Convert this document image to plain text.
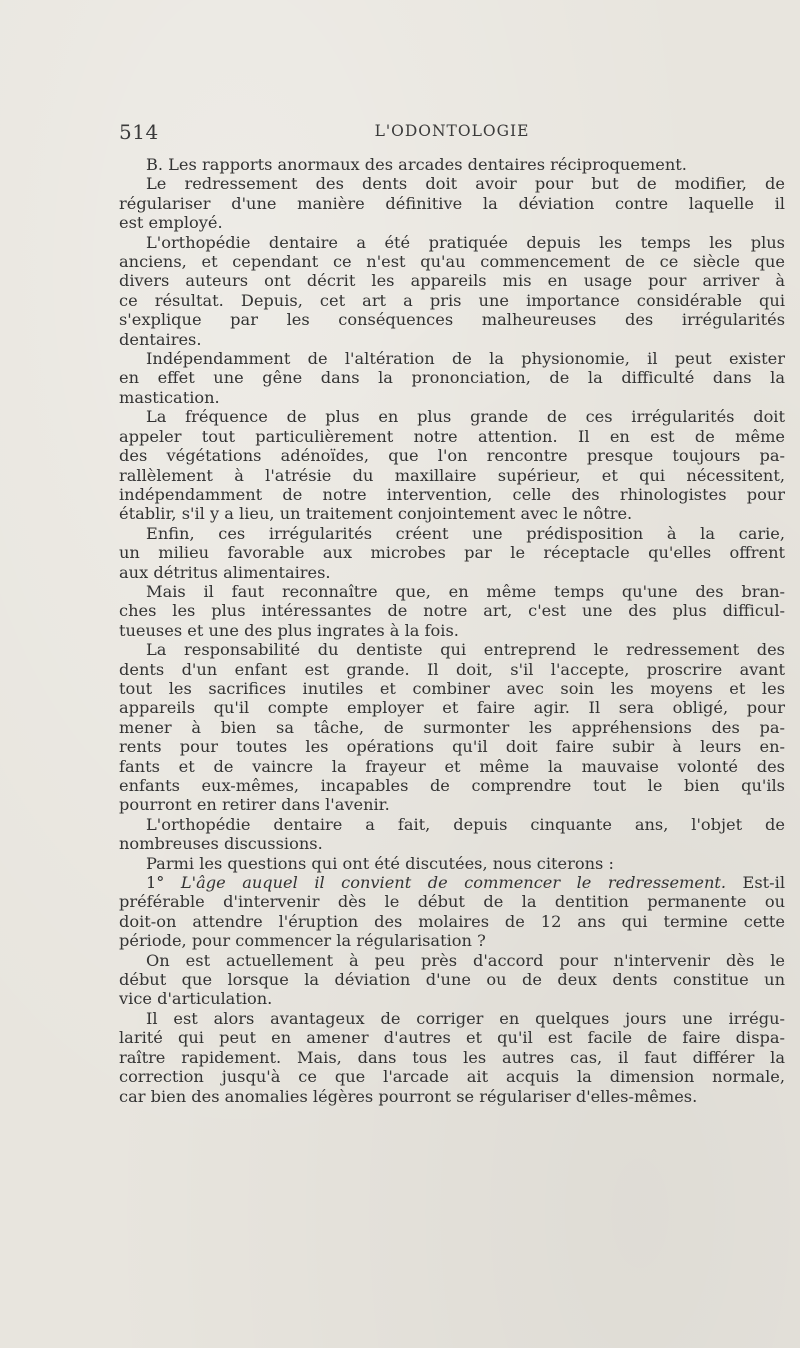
514	L'ODONTOLOGIE
B. Les rapports anormaux des arcades dentaires réciproquement.
Le redressement des dents doit avoir pour but de modifier, de
régulariser d'une manière définitive la déviation contre laquelle il
est employé.
L'orthopédie dentaire a été pratiquée depuis les temps les plus
anciens, et cependant ce n'est qu'au commencement de ce siècle que
divers auteurs ont décrit les appareils mis en usage pour arriver à
ce résultat. Depuis, cet art a pris une importance considérable qui
s'explique par les conséquences malheureuses des irrégularités
dentaires.
Indépendamment de l'altération de la physionomie, il peut exister
en effet une gêne dans la prononciation, de la difficulté dans la
mastication.
La fréquence de plus en plus grande de ces irrégularités doit
appeler tout particulièrement notre attention. Il en est de même
des végétations adénoïdes, que l'on rencontre presque toujours pa-
rallèlement à l'atrésie du maxillaire supérieur, et qui nécessitent,
indépendamment de notre intervention, celle des rhinologistes pour
établir, s'il y a lieu, un traitement conjointement avec le nôtre.
Enfin, ces irrégularités créent une prédisposition à la carie,
un milieu favorable aux microbes par le réceptacle qu'elles offrent
aux détritus alimentaires.
Mais il faut reconnaître que, en même temps qu'une des bran-
ches les plus intéressantes de notre art, c'est une des plus difficul-
tueuses et une des plus ingrates à la fois.
La responsabilité du dentiste qui entreprend le redressement des
dents d'un enfant est grande. Il doit, s'il l'accepte, proscrire avant
tout les sacrifices inutiles et combiner avec soin les moyens et les
appareils qu'il compte employer et faire agir. Il sera obligé, pour
mener à bien sa tâche, de surmonter les appréhensions des pa-
rents pour toutes les opérations qu'il doit faire subir à leurs en-
fants et de vaincre la frayeur et même la mauvaise volonté des
enfants eux-mêmes, incapables de comprendre tout le bien qu'ils
pourront en retirer dans l'avenir.
L'orthopédie dentaire a fait, depuis cinquante ans, l'objet de
nombreuses discussions.
Parmi les questions qui ont été discutées, nous citerons :
1° L'âge auquel il convient de commencer le redressement. Est-il
préférable d'intervenir dès le début de la dentition permanente ou
doit-on attendre l'éruption des molaires de 12 ans qui termine cette
période, pour commencer la régularisation ?
On est actuellement à peu près d'accord pour n'intervenir dès le
début que lorsque la déviation d'une ou de deux dents constitue un
vice d'articulation.
Il est alors avantageux de corriger en quelques jours une irrégu-
larité qui peut en amener d'autres et qu'il est facile de faire dispa-
raître rapidement. Mais, dans tous les autres cas, il faut différer la
correction jusqu'à ce que l'arcade ait acquis la dimension normale,
car bien des anomalies légères pourront se régulariser d'elles-mêmes.
